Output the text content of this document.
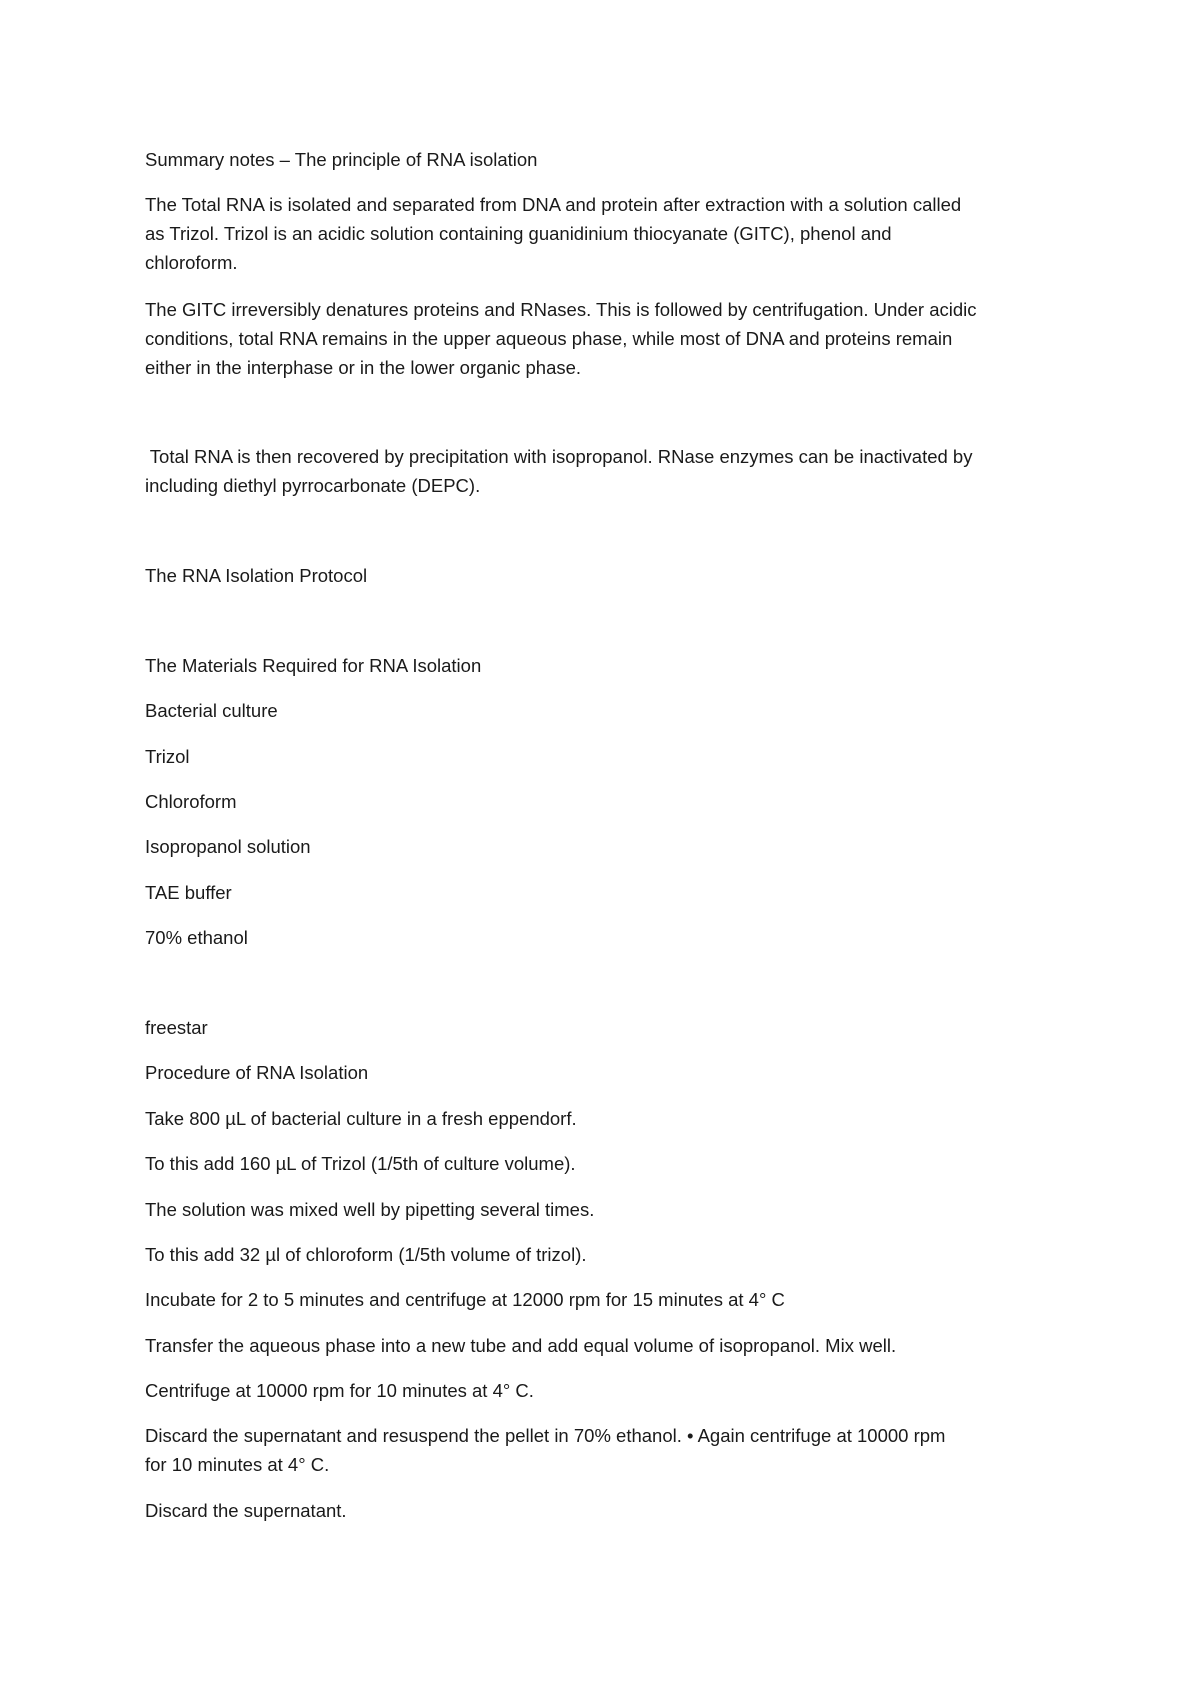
Summary notes – The principle of RNA isolation

The Total RNA is isolated and separated from DNA and protein after extraction with a solution called

as Trizol. Trizol is an acidic solution containing guanidinium thiocyanate (GITC), phenol and

chloroform.

The GITC irreversibly denatures proteins and RNases. This is followed by centrifugation. Under acidic

conditions, total RNA remains in the upper aqueous phase, while most of DNA and proteins remain

either in the interphase or in the lower organic phase.

Total RNA is then recovered by precipitation with isopropanol. RNase enzymes can be inactivated by

including diethyl pyrrocarbonate (DEPC).

The RNA Isolation Protocol

The Materials Required for RNA Isolation

Bacterial culture

Trizol

Chloroform

Isopropanol solution

TAE buffer

70% ethanol

freestar

Procedure of RNA Isolation

Take 800 µL of bacterial culture in a fresh eppendorf.

To this add 160 µL of Trizol (1/5th of culture volume).

The solution was mixed well by pipetting several times.

To this add 32 µl of chloroform (1/5th volume of trizol).

Incubate for 2 to 5 minutes and centrifuge at 12000 rpm for 15 minutes at 4° C

Transfer the aqueous phase into a new tube and add equal volume of isopropanol. Mix well.

Centrifuge at 10000 rpm for 10 minutes at 4° C.

Discard the supernatant and resuspend the pellet in 70% ethanol. • Again centrifuge at 10000 rpm

for 10 minutes at 4° C.

Discard the supernatant.
